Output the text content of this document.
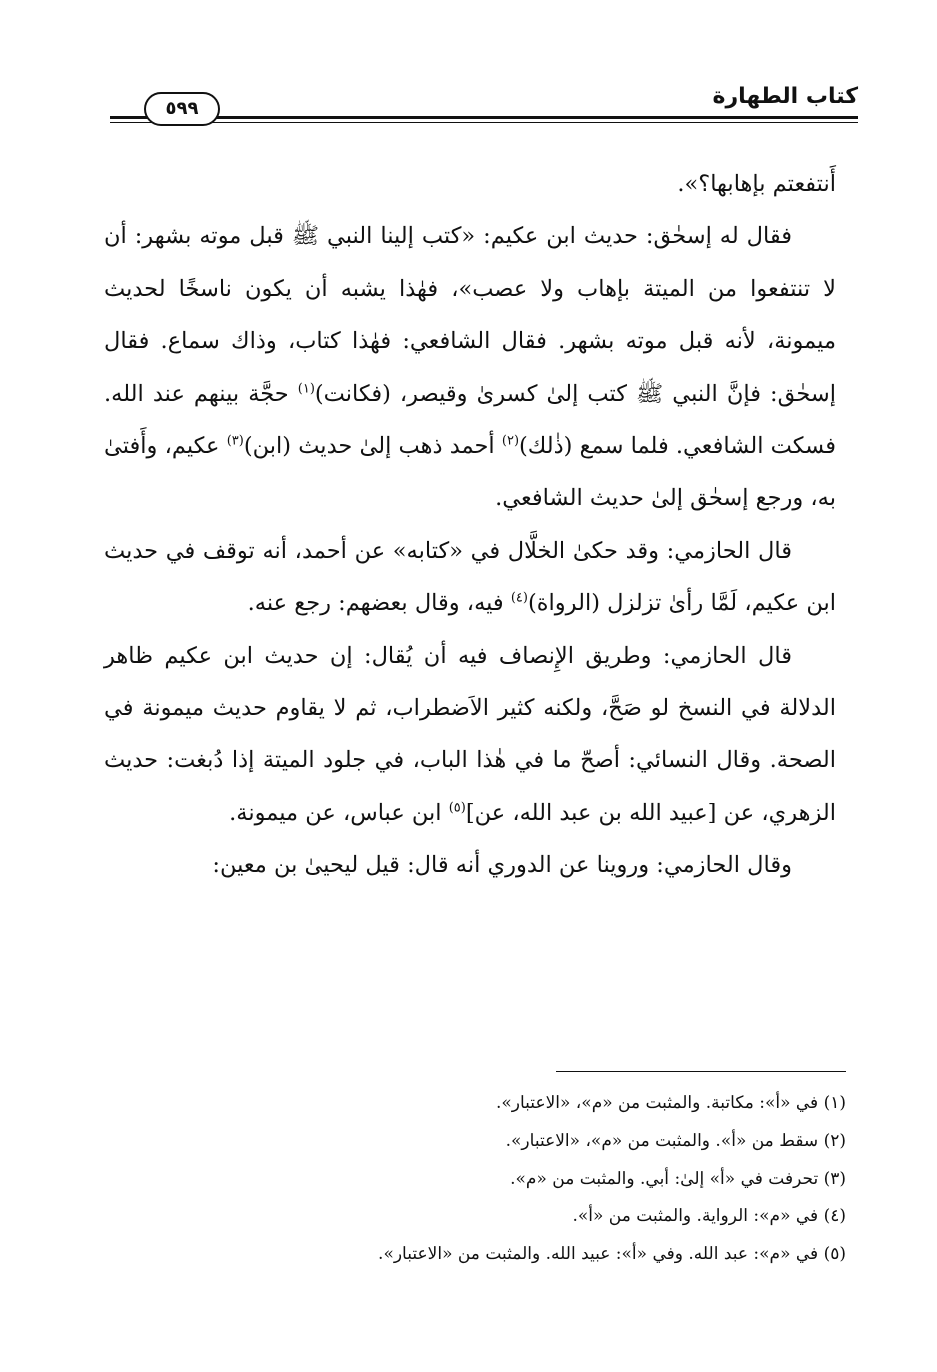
كتاب الطهارة
٥٩٩

أَنتفعتم بإهابها؟».

فقال له إسحٰق: حديث ابن عكيم: «كتب إلينا النبي ﷺ قبل موته بشهر: أن لا تنتفعوا من الميتة بإهاب ولا عصب»، فهٰذا يشبه أن يكون ناسخًا لحديث ميمونة، لأنه قبل موته بشهر. فقال الشافعي: فهٰذا كتاب، وذاك سماع. فقال إسحٰق: فإنَّ النبي ﷺ كتب إلىٰ كسرىٰ وقيصر، (فكانت)$^{(١)}$ حجَّة بينهم عند الله. فسكت الشافعي. فلما سمع (ذٰلك)$^{(٢)}$ أحمد ذهب إلىٰ حديث (ابن)$^{(٣)}$ عكيم، وأَفتىٰ به، ورجع إسحٰق إلىٰ حديث الشافعي.

قال الحازمي: وقد حكىٰ الخلَّال في «كتابه» عن أحمد، أنه توقف في حديث ابن عكيم، لَمَّا رأىٰ تزلزل (الرواة)$^{(٤)}$ فيه، وقال بعضهم: رجع عنه.

قال الحازمي: وطريق الإِنصاف فيه أن يُقال: إن حديث ابن عكيم ظاهر الدلالة في النسخ لو صَحَّ، ولكنه كثير الاَضطراب، ثم لا يقاوم حديث ميمونة في الصحة. وقال النسائي: أصحّ ما في هٰذا الباب، في جلود الميتة إذا دُبغت: حديث الزهري، عن [عبيد الله بن عبد الله، عن]$^{(٥)}$ ابن عباس، عن ميمونة.

وقال الحازمي: وروينا عن الدوري أنه قال: قيل ليحيىٰ بن معين:

(١) في «أ»: مكاتبة. والمثبت من «م»، «الاعتبار».

(٢) سقط من «أ». والمثبت من «م»، «الاعتبار».

(٣) تحرفت في «أ» إلىٰ: أبي. والمثبت من «م».

(٤) في «م»: الرواية. والمثبت من «أ».

(٥) في «م»: عبد الله. وفي «أ»: عبيد الله. والمثبت من «الاعتبار».
